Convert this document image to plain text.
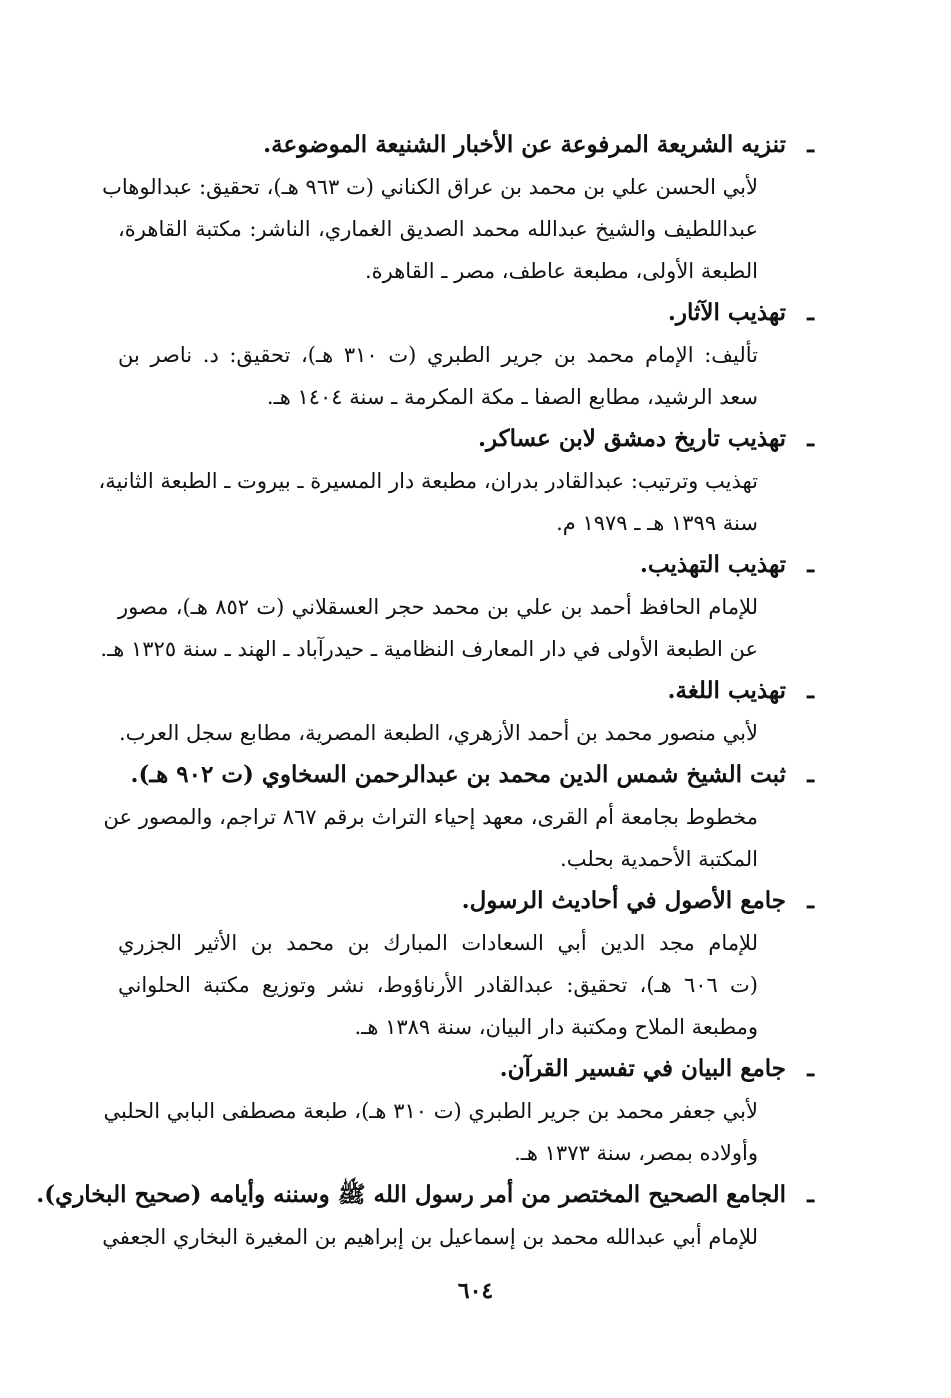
ـتنزيه الشريعة المرفوعة عن الأخبار الشنيعة الموضوعة.
لأبي الحسن علي بن محمد بن عراق الكناني (ت ٩٦٣ هـ)، تحقيق: عبدالوهاب
عبداللطيف والشيخ عبدالله محمد الصديق الغماري، الناشر: مكتبة القاهرة،
الطبعة الأولى، مطبعة عاطف، مصر ـ القاهرة.
ـتهذيب الآثار.
تأليف: الإمام محمد بن جرير الطبري (ت ٣١٠ هـ)، تحقيق: د. ناصر بن
سعد الرشيد، مطابع الصفا ـ مكة المكرمة ـ سنة ١٤٠٤ هـ.
ـتهذيب تاريخ دمشق لابن عساكر.
تهذيب وترتيب: عبدالقادر بدران، مطبعة دار المسيرة ـ بيروت ـ الطبعة الثانية،
سنة ١٣٩٩ هـ ـ ١٩٧٩ م.
ـتهذيب التهذيب.
للإمام الحافظ أحمد بن علي بن محمد حجر العسقلاني (ت ٨٥٢ هـ)، مصور
عن الطبعة الأولى في دار المعارف النظامية ـ حيدرآباد ـ الهند ـ سنة ١٣٢٥ هـ.
ـتهذيب اللغة.
لأبي منصور محمد بن أحمد الأزهري، الطبعة المصرية، مطابع سجل العرب.
ـثبت الشيخ شمس الدين محمد بن عبدالرحمن السخاوي (ت ٩٠٢ هـ).
مخطوط بجامعة أم القرى، معهد إحياء التراث برقم ٨٦٧ تراجم، والمصور عن
المكتبة الأحمدية بحلب.
ـجامع الأصول في أحاديث الرسول.
للإمام مجد الدين أبي السعادات المبارك بن محمد بن الأثير الجزري
(ت ٦٠٦ هـ)، تحقيق: عبدالقادر الأرناؤوط، نشر وتوزيع مكتبة الحلواني
ومطبعة الملاح ومكتبة دار البيان، سنة ١٣٨٩ هـ.
ـجامع البيان في تفسير القرآن.
لأبي جعفر محمد بن جرير الطبري (ت ٣١٠ هـ)، طبعة مصطفى البابي الحلبي
وأولاده بمصر، سنة ١٣٧٣ هـ.
ـالجامع الصحيح المختصر من أمر رسول الله ﷺ وسننه وأيامه (صحيح البخاري).
للإمام أبي عبدالله محمد بن إسماعيل بن إبراهيم بن المغيرة البخاري الجعفي
٦٠٤
